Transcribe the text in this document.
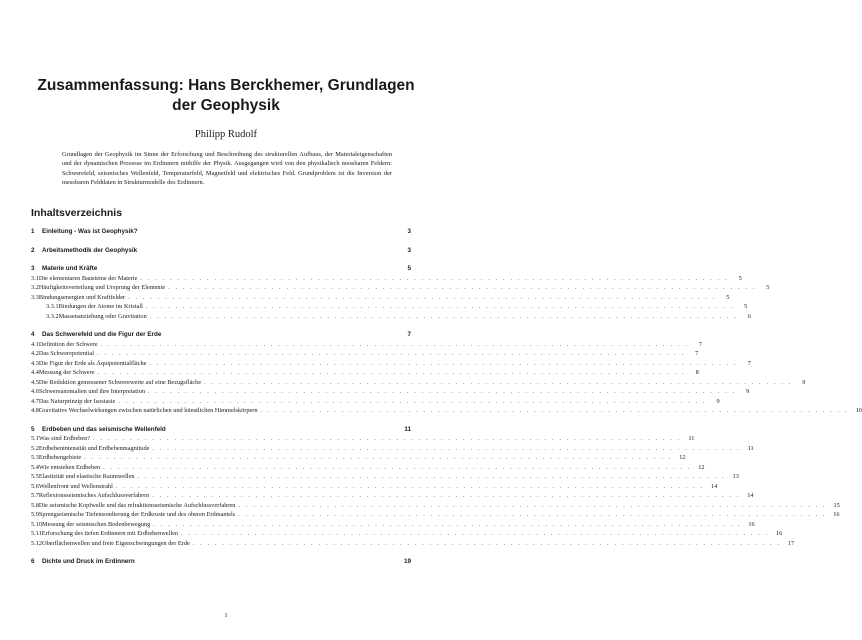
Zusammenfassung: Hans Berckhemer, Grundlagen
der Geophysik
Philipp Rudolf
Grundlagen der Geophysik im Sinne der Erforschung und Beschreibung des strukturellen Aufbaus, der Materialeigenschaften und der dynamischen Prozesse im Erdinnern mithilfe der Physik. Ausgegangen wird von den physikalisch messbaren Feldern: Schwerefeld, seismisches Wellenfeld, Temperaturfeld, Magnetfeld und elektrisches Feld. Grundproblem ist die Inversion der messbaren Felddaten in Strukturmodelle des Erdinnern.
Inhaltsverzeichnis
1	Einleitung - Was ist Geophysik?	3
2	Arbeitsmethodik der Geophysik	3
3	Materie und Kräfte	5
3.1 Die elementaren Bausteine der Materie . . . . . . . . . . . . . . . . . . . . . . . . . . . . . . . . . . . . . . . . . . . . . . . . . . . . . . . . . . . . . . . . . . . . . . . . . . . . . . . .	5
3.2 Häufigkeitsverteilung und Ursprung der Elemente . . . . . . . . . . . . . . . . . . . . . . . . . . . . . . . . . . . . . . . . . . . . . . . . . . . . . . . . . . . . . . . . . . . . . . . . . . . . . . . .	5
3.3 Bindungsenergien und Kraftfelder . . . . . . . . . . . . . . . . . . . . . . . . . . . . . . . . . . . . . . . . . . . . . . . . . . . . . . . . . . . . . . . . . . . . . . . . . . . . . . . .	5
3.3.1 Bindungen der Atome im Kristall . . . . . . . . . . . . . . . . . . . . . . . . . . . . . . . . . . . . . . . . . . . . . . . . . . . . . . . . . . . . . . . . . . . . . . . . . . . . . . . .	5
3.3.2 Massenanziehung oder Gravitation . . . . . . . . . . . . . . . . . . . . . . . . . . . . . . . . . . . . . . . . . . . . . . . . . . . . . . . . . . . . . . . . . . . . . . . . . . . . . . . .	6
4	Das Schwerefeld und die Figur der Erde	7
4.1 Definition der Schwere . . . . . . . . . . . . . . . . . . . . . . . . . . . . . . . . . . . . . . . . . . . . . . . . . . . . . . . . . . . . . . . . . . . . . . . . . . . . . . . .	7
4.2 Das Schwerepotential . . . . . . . . . . . . . . . . . . . . . . . . . . . . . . . . . . . . . . . . . . . . . . . . . . . . . . . . . . . . . . . . . . . . . . . . . . . . . . . .	7
4.3 Die Figur der Erde als Äquipotentialfläche . . . . . . . . . . . . . . . . . . . . . . . . . . . . . . . . . . . . . . . . . . . . . . . . . . . . . . . . . . . . . . . . . . . . . . . . . . . . . . . .	7
4.4 Messung der Schwere . . . . . . . . . . . . . . . . . . . . . . . . . . . . . . . . . . . . . . . . . . . . . . . . . . . . . . . . . . . . . . . . . . . . . . . . . . . . . . . .	8
4.5 Die Reduktion gemessener Schwerewerte auf eine Bezugsfläche . . . . . . . . . . . . . . . . . . . . . . . . . . . . . . . . . . . . . . . . . . . . . . . . . . . . . . . . . . . . . . . . . . . . . . . . . . . . . . . .	9
4.6 Schwereanomalien und ihre Interpretation . . . . . . . . . . . . . . . . . . . . . . . . . . . . . . . . . . . . . . . . . . . . . . . . . . . . . . . . . . . . . . . . . . . . . . . . . . . . . . . .	9
4.7 Das Naturprinzip der Isostasie . . . . . . . . . . . . . . . . . . . . . . . . . . . . . . . . . . . . . . . . . . . . . . . . . . . . . . . . . . . . . . . . . . . . . . . . . . . . . . . .	9
4.8 Gravitative Wechselwirkungen zwischen natürlichen und künstlichen Himmelskörpern . . . . . . . . . . . . . . . . . . . . . . . . . . . . . . . . . . . . . . . . . . . . . . . . . . . . . . . . . . . . . . . . . . . . . . . . . . . . . . . .	10
5	Erdbeben und das seismische Wellenfeld	11
5.1 Was sind Erdbeben? . . . . . . . . . . . . . . . . . . . . . . . . . . . . . . . . . . . . . . . . . . . . . . . . . . . . . . . . . . . . . . . . . . . . . . . . . . . . . . . .	11
5.2 Erdbebenintensität und Erdbebenmagnitude . . . . . . . . . . . . . . . . . . . . . . . . . . . . . . . . . . . . . . . . . . . . . . . . . . . . . . . . . . . . . . . . . . . . . . . . . . . . . . . .	11
5.3 Erdbebengebiete . . . . . . . . . . . . . . . . . . . . . . . . . . . . . . . . . . . . . . . . . . . . . . . . . . . . . . . . . . . . . . . . . . . . . . . . . . . . . . . .	12
5.4 Wie entstehen Erdbeben . . . . . . . . . . . . . . . . . . . . . . . . . . . . . . . . . . . . . . . . . . . . . . . . . . . . . . . . . . . . . . . . . . . . . . . . . . . . . . . .	12
5.5 Elastizität und elastische Raumwellen . . . . . . . . . . . . . . . . . . . . . . . . . . . . . . . . . . . . . . . . . . . . . . . . . . . . . . . . . . . . . . . . . . . . . . . . . . . . . . . .	13
5.6 Wellenfront und Wellenstrahl . . . . . . . . . . . . . . . . . . . . . . . . . . . . . . . . . . . . . . . . . . . . . . . . . . . . . . . . . . . . . . . . . . . . . . . . . . . . . . . .	14
5.7 Reflexionsseismisches Aufschlussverfahren . . . . . . . . . . . . . . . . . . . . . . . . . . . . . . . . . . . . . . . . . . . . . . . . . . . . . . . . . . . . . . . . . . . . . . . . . . . . . . . .	14
5.8 Die seismische Kopfwelle und das refraktionsseismische Aufschlussverfahren . . . . . . . . . . . . . . . . . . . . . . . . . . . . . . . . . . . . . . . . . . . . . . . . . . . . . . . . . . . . . . . . . . . . . . . . . . . . . . . .	15
5.9 Sprengseismische Tiefensondierung der Erdkruste und des oberen Erdmantels . . . . . . . . . . . . . . . . . . . . . . . . . . . . . . . . . . . . . . . . . . . . . . . . . . . . . . . . . . . . . . . . . . . . . . . . . . . . . . . .	16
5.10 Messung der seismischen Bodenbewegung . . . . . . . . . . . . . . . . . . . . . . . . . . . . . . . . . . . . . . . . . . . . . . . . . . . . . . . . . . . . . . . . . . . . . . . . . . . . . . . .	16
5.11 Erforschung des tiefen Erdinnern mit Erdbebenwellen . . . . . . . . . . . . . . . . . . . . . . . . . . . . . . . . . . . . . . . . . . . . . . . . . . . . . . . . . . . . . . . . . . . . . . . . . . . . . . . .	16
5.12 Oberflächenwellen und freie Eigenschwingungen der Erde . . . . . . . . . . . . . . . . . . . . . . . . . . . . . . . . . . . . . . . . . . . . . . . . . . . . . . . . . . . . . . . . . . . . . . . . . . . . . . . .	17
6	Dichte und Druck im Erdinnern	19
1
